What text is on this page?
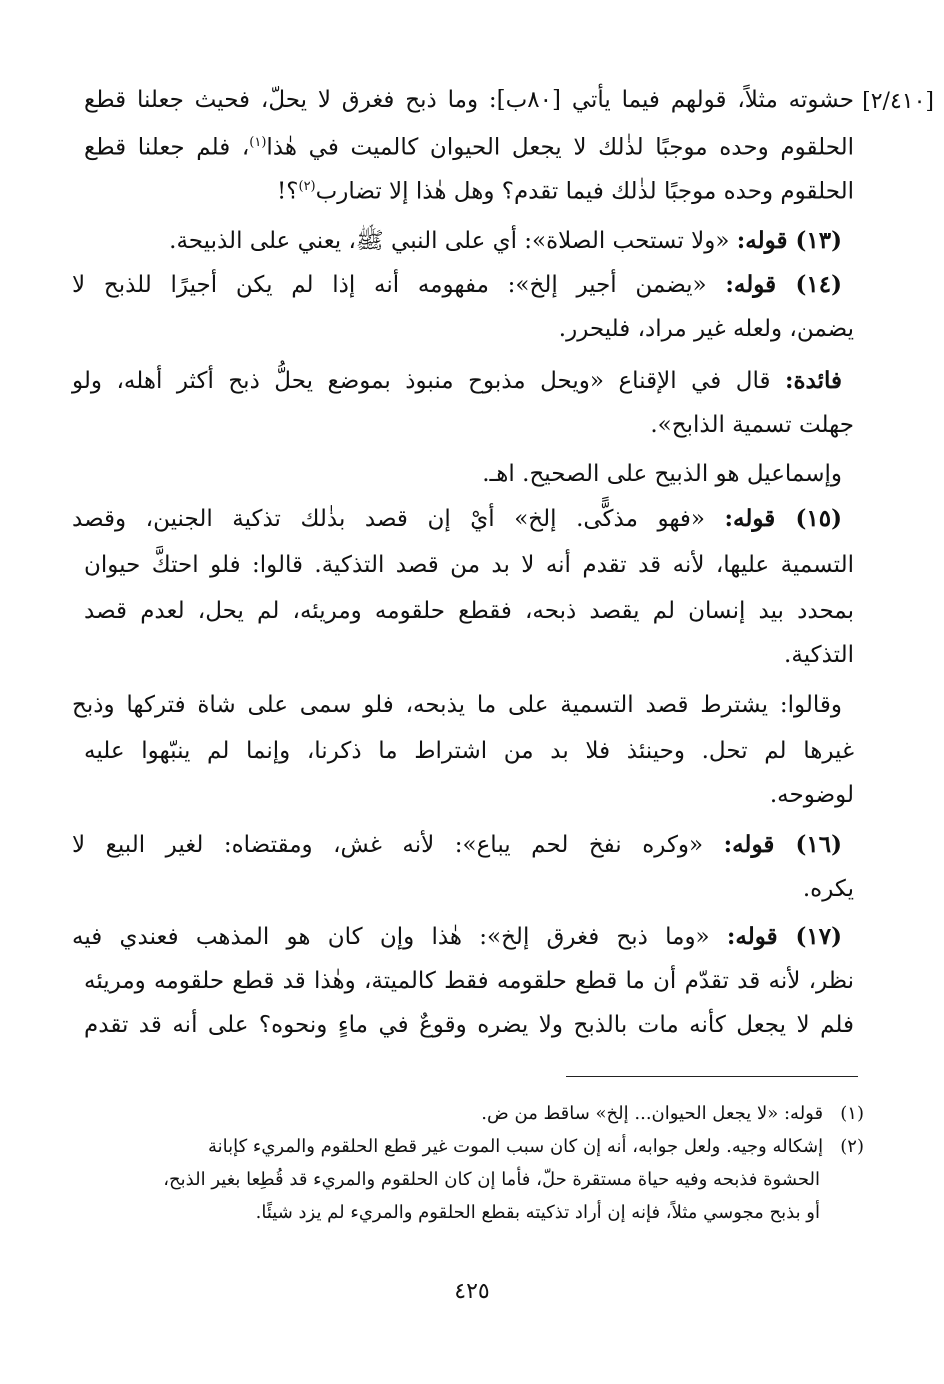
[٢/٤١٠]
حشوته مثلاً، قولهم فيما يأتي [٨٠ب]: وما ذبح فغرق لا يحلّ، فحيث جعلنا قطع
الحلقوم وحده موجبًا لذٰلك لا يجعل الحيوان كالميت في هٰذا$^{(١)}$، فلم جعلنا قطع
الحلقوم وحده موجبًا لذٰلك فيما تقدم؟ وهل هٰذا إلا تضارب$^{(٢)}$؟!
(١٣) قوله: «ولا تستحب الصلاة»: أي على النبي ﷺ، يعني على الذبيحة.
(١٤) قوله: «يضمن أجير إلخ»: مفهومه أنه إذا لم يكن أجيرًا للذبح لا
يضمن، ولعله غير مراد، فليحرر.
فائدة: قال في الإقناع «ويحل مذبوح منبوذ بموضع يحلُّ ذبح أكثر أهله، ولو
جهلت تسمية الذابح».
وإسماعيل هو الذبيح على الصحيح. اهـ.
(١٥) قوله: «فهو مذكًّى. إلخ» أيْ إن قصد بذٰلك تذكية الجنين، وقصد
التسمية عليها، لأنه قد تقدم أنه لا بد من قصد التذكية. قالوا: فلو احتكَّ حيوان
بمحدد بيد إنسان لم يقصد ذبحه، فقطع حلقومه ومريئه، لم يحل، لعدم قصد
التذكية.
وقالوا: يشترط قصد التسمية على ما يذبحه، فلو سمى على شاة فتركها وذبح
غيرها لم تحل. وحينئذ فلا بد من اشتراط ما ذكرنا، وإنما لم ينبّهوا عليه
لوضوحه.
(١٦) قوله: «وكره نفخ لحم يباع»: لأنه غش، ومقتضاه: لغير البيع لا
يكره.
(١٧) قوله: «وما ذبح فغرق إلخ»: هٰذا وإن كان هو المذهب فعندي فيه
نظر، لأنه قد تقدّم أن ما قطع حلقومه فقط كالميتة، وهٰذا قد قطع حلقومه ومريئه
فلم لا يجعل كأنه مات بالذبح ولا يضره وقوعٌ في ماءٍ ونحوه؟ على أنه قد تقدم
(١)   قوله: «لا يجعل الحيوان... إلخ» ساقط من ض.
(٢)   إشكاله وجيه. ولعل جوابه، أنه إن كان سبب الموت غير قطع الحلقوم والمريء كإبانة
الحشوة فذبحه وفيه حياة مستقرة حلّ، فأما إن كان الحلقوم والمريء قد قُطِعا بغير الذبح،
أو بذبح مجوسي مثلاً، فإنه إن أراد تذكيته بقطع الحلقوم والمريء لم يزد شيئًا.
٤٢٥
